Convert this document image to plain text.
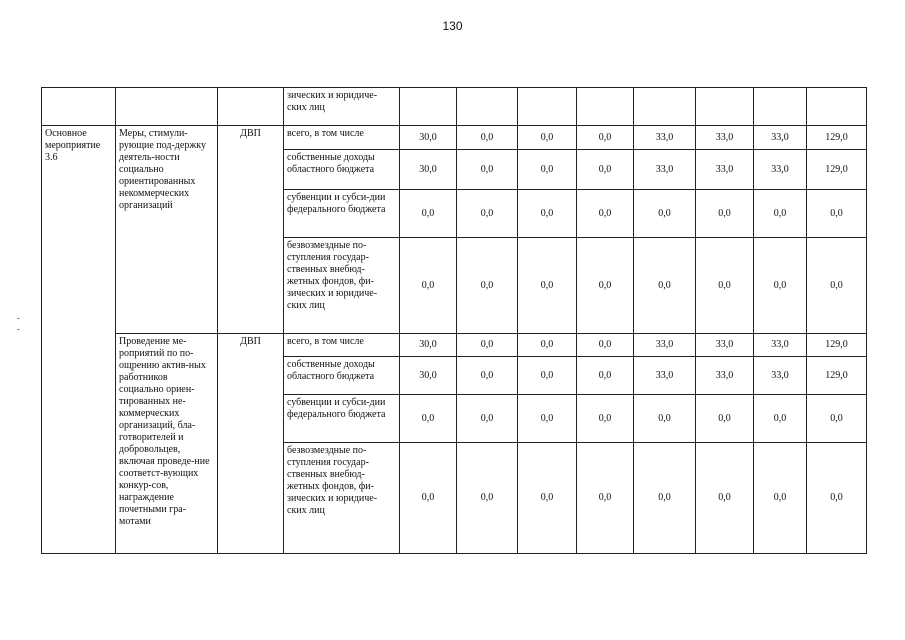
130
			зических и юридиче-ских лиц								
Основное мероприятие 3.6	Меры, стимули-рующие под-держку деятель-ности социально ориентированных некоммерческих организаций	ДВП	всего, в том числе	30,0	0,0	0,0	0,0	33,0	33,0	33,0	129,0
			собственные доходы областного бюджета	30,0	0,0	0,0	0,0	33,0	33,0	33,0	129,0
			субвенции и субси-дии федерального бюджета	0,0	0,0	0,0	0,0	0,0	0,0	0,0	0,0
			безвозмездные по-ступления государ-ственных внебюд-жетных фондов, фи-зических и юридиче-ских лиц	0,0	0,0	0,0	0,0	0,0	0,0	0,0	0,0
	Проведение ме-роприятий по по-ощрению актив-ных работников социально ориен-тированных не-коммерческих организаций, бла-готворителей и добровольцев, включая проведе-ние соответст-вующих конкур-сов, награждение почетными гра-мотами	ДВП	всего, в том числе	30,0	0,0	0,0	0,0	33,0	33,0	33,0	129,0
			собственные доходы областного бюджета	30,0	0,0	0,0	0,0	33,0	33,0	33,0	129,0
			субвенции и субси-дии федерального бюджета	0,0	0,0	0,0	0,0	0,0	0,0	0,0	0,0
			безвозмездные по-ступления государ-ственных внебюд-жетных фондов, фи-зических и юридиче-ских лиц	0,0	0,0	0,0	0,0	0,0	0,0	0,0	0,0
